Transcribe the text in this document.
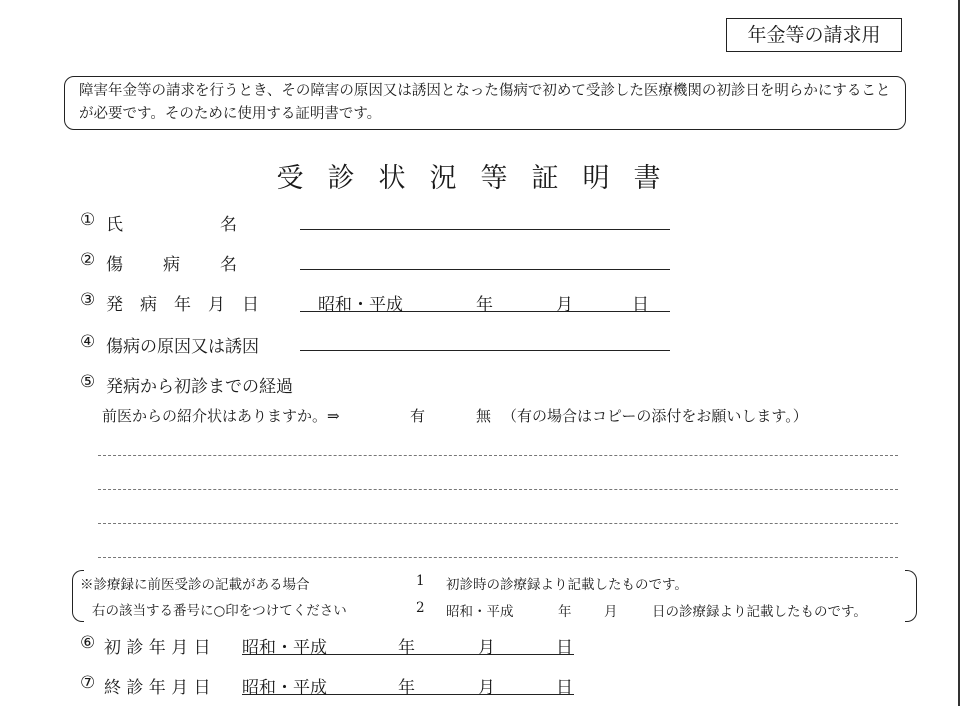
年金等の請求用
障害年金等の請求を行うとき、その障害の原因又は誘因となった傷病で初めて受診した医療機関の初診日を明らかにすることが必要です。そのために使用する証明書です。
受診状況等証明書
① 氏　　　　　名
② 傷　　病　　名
③ 発　病　年　月　日	昭和・平成	年	月	日
④ 傷病の原因又は誘因
⑤ 発病から初診までの経過
前医からの紹介状はありますか。⇒	有	無 （有の場合はコピーの添付をお願いします。）
※診療録に前医受診の記載がある場合
右の該当する番号に○印をつけてください
1 初診時の診療録より記載したものです。
2 昭和・平成	年 月	日の診療録より記載したものです。
⑥ 初 診 年 月 日 昭和・平成	年	月	日
⑦ 終 診 年 月 日 昭和・平成	年	月	日
